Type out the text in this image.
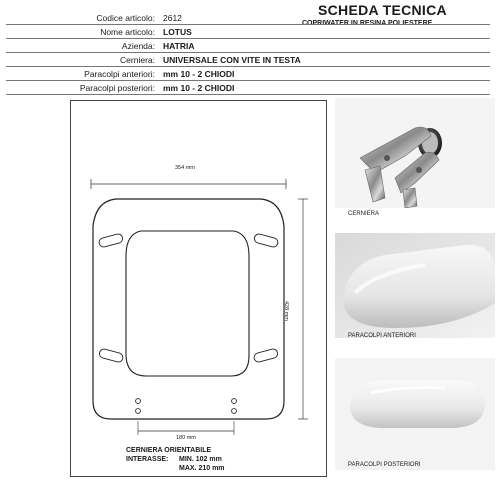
SCHEDA TECNICA
Codice articolo: 2612
Nome articolo: LOTUS
Azienda: HATRIA
Cerniera: UNIVERSALE CON VITE IN TESTA
Paracolpi anteriori: mm 10 - 2 CHIODI
Paracolpi posteriori: mm 10 - 2 CHIODI
354 mm
428 mm
180 mm
CERNIERA ORIENTABILE
INTERASSE: MIN. 102 mm
MAX. 210 mm
CERNIERA
PARACOLPI ANTERIORI
PARACOLPI POSTERIORI
